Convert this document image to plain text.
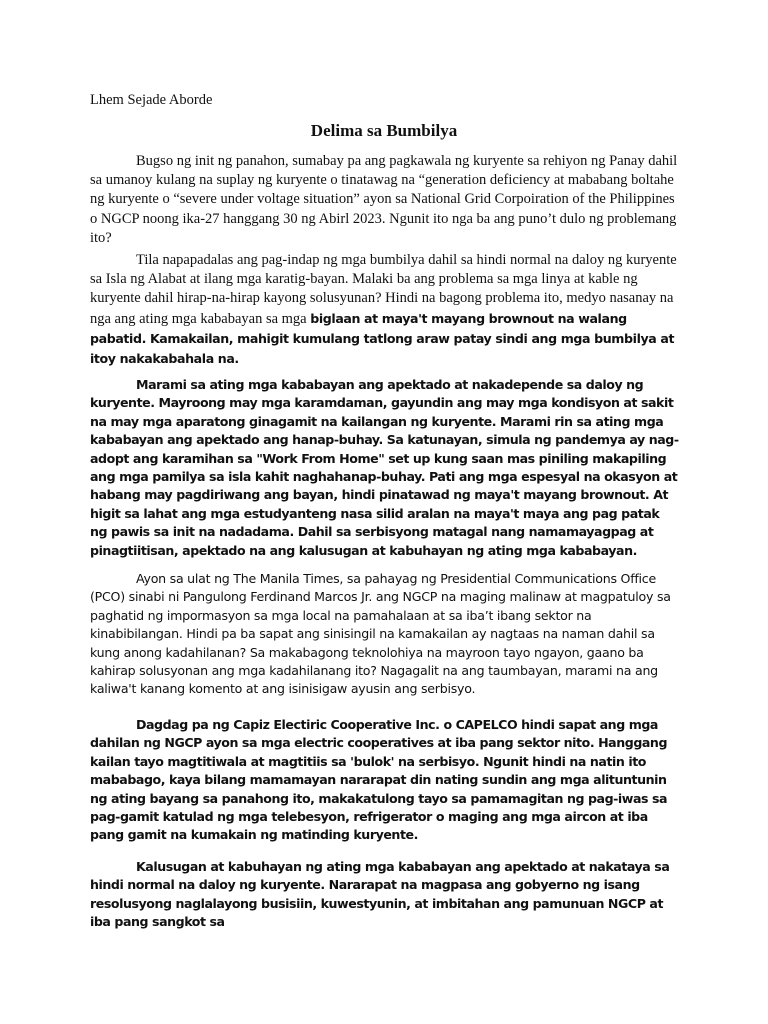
Lhem Sejade Aborde
Delima sa Bumbilya

Bugso ng init ng panahon, sumabay pa ang pagkawala ng kuryente sa rehiyon ng Panay dahil sa umanoy kulang na suplay ng kuryente o tinatawag na “generation deficiency at mababang boltahe ng kuryente o “severe under voltage situation” ayon sa National Grid Corpoiration of the Philippines o NGCP noong ika-27 hanggang 30 ng Abirl 2023. Ngunit ito nga ba ang puno’t dulo ng problemang ito?

Tila napapadalas ang pag-indap ng mga bumbilya dahil sa hindi normal na daloy ng kuryente sa Isla ng Alabat at ilang mga karatig-bayan. Malaki ba ang problema sa mga linya at kable ng kuryente dahil hirap-na-hirap kayong solusyunan? Hindi na bagong problema ito, medyo nasanay na nga ang ating mga kababayan sa mga biglaan at maya't mayang brownout na walang pabatid. Kamakailan, mahigit kumulang tatlong araw patay sindi ang mga bumbilya at itoy nakakabahala na.

Marami sa ating mga kababayan ang apektado at nakadepende sa daloy ng kuryente. Mayroong may mga karamdaman, gayundin ang may mga kondisyon at sakit na may mga aparatong ginagamit na kailangan ng kuryente. Marami rin sa ating mga kababayan ang apektado ang hanap-buhay. Sa katunayan, simula ng pandemya ay nag-adopt ang karamihan sa "Work From Home" set up kung saan mas piniling makapiling ang mga pamilya sa isla kahit naghahanap-buhay. Pati ang mga espesyal na okasyon at habang may pagdiriwang ang bayan, hindi pinatawad ng maya't mayang brownout. At higit sa lahat ang mga estudyanteng nasa silid aralan na maya't maya ang pag patak ng pawis sa init na nadadama. Dahil sa serbisyong matagal nang namamayagpag at pinagtiitisan, apektado na ang kalusugan at kabuhayan ng ating mga kababayan.

Ayon sa ulat ng The Manila Times, sa pahayag ng Presidential Communications Office (PCO) sinabi ni Pangulong Ferdinand Marcos Jr. ang NGCP na maging malinaw at magpatuloy sa paghatid ng impormasyon sa mga local na pamahalaan at sa iba’t ibang sektor na kinabibilangan. Hindi pa ba sapat ang sinisingil na kamakailan ay nagtaas na naman dahil sa kung anong kadahilanan? Sa makabagong teknolohiya na mayroon tayo ngayon, gaano ba kahirap solusyonan ang mga kadahilanang ito? Nagagalit na ang taumbayan, marami na ang kaliwa't kanang komento at ang isinisigaw ayusin ang serbisyo.

Dagdag pa ng Capiz Electiric Cooperative Inc. o CAPELCO hindi sapat ang mga dahilan ng NGCP ayon sa mga electric cooperatives at iba pang sektor nito. Hanggang kailan tayo magtitiwala at magtitiis sa 'bulok' na serbisyo. Ngunit hindi na natin ito mababago, kaya bilang mamamayan nararapat din nating sundin ang mga alituntunin ng ating bayang sa panahong ito, makakatulong tayo sa pamamagitan ng pag-iwas sa pag-gamit katulad ng mga telebesyon, refrigerator o maging ang mga aircon at iba pang gamit na kumakain ng matinding kuryente.

Kalusugan at kabuhayan ng ating mga kababayan ang apektado at nakataya sa hindi normal na daloy ng kuryente. Nararapat na magpasa ang gobyerno ng isang resolusyong naglalayong busisiin, kuwestyunin, at imbitahan ang pamunuan NGCP at iba pang sangkot sa
